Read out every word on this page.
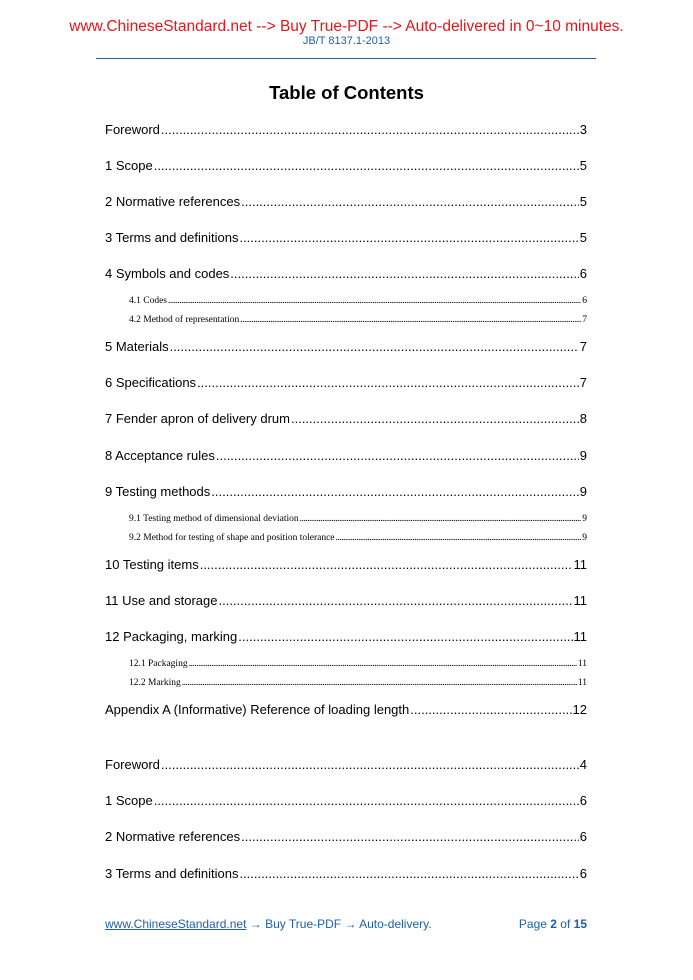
www.ChineseStandard.net --> Buy True-PDF --> Auto-delivered in 0~10 minutes.
JB/T 8137.1-2013
Table of Contents
Foreword .....	3
1 Scope .....	5
2 Normative references .....	5
3 Terms and definitions .....	5
4 Symbols and codes .....	6
4.1 Codes .....	6
4.2 Method of representation .....	7
5 Materials .....	7
6 Specifications .....	7
7 Fender apron of delivery drum .....	8
8 Acceptance rules .....	9
9 Testing methods .....	9
9.1 Testing method of dimensional deviation .....	9
9.2 Method for testing of shape and position tolerance .....	9
10 Testing items .....	11
11 Use and storage .....	11
12 Packaging, marking .....	11
12.1 Packaging .....	11
12.2 Marking .....	11
Appendix A (Informative) Reference of loading length .....	12
Foreword .....	4
1 Scope .....	6
2 Normative references .....	6
3 Terms and definitions .....	6
www.ChineseStandard.net → Buy True-PDF → Auto-delivery.	Page 2 of 15
